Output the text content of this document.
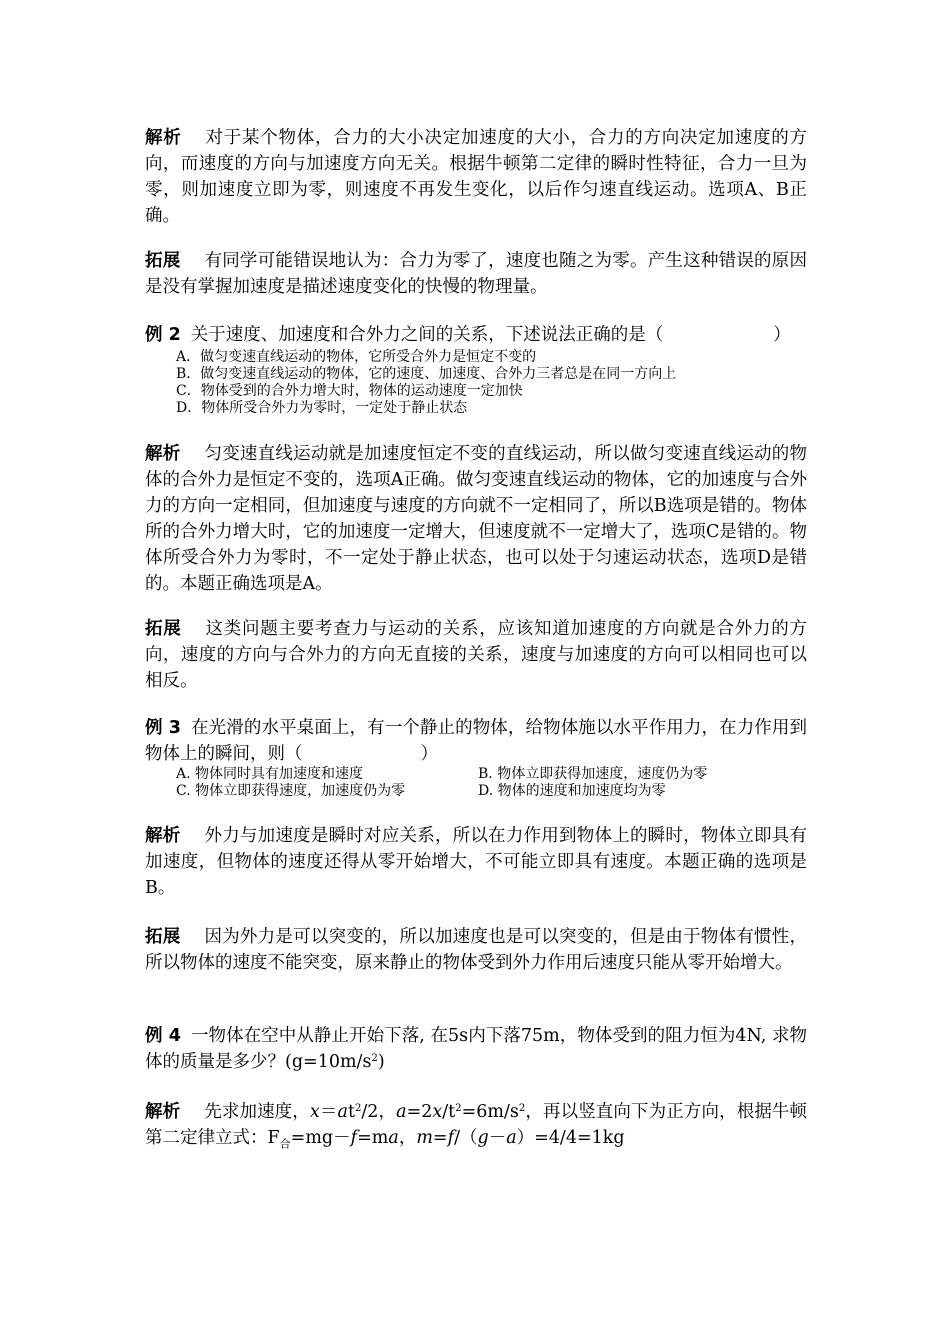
解析 对于某个物体，合力的大小决定加速度的大小，合力的方向决定加速度的方向，而速度的方向与加速度方向无关。根据牛顿第二定律的瞬时性特征，合力一旦为零，则加速度立即为零，则速度不再发生变化，以后作匀速直线运动。选项A、B正确。

拓展 有同学可能错误地认为：合力为零了，速度也随之为零。产生这种错误的原因是没有掌握加速度是描述速度变化的快慢的物理量。

例 2 关于速度、加速度和合外力之间的关系，下述说法正确的是（	）

A．做匀变速直线运动的物体，它所受合外力是恒定不变的
B．做匀变速直线运动的物体，它的速度、加速度、合外力三者总是在同一方向上
C．物体受到的合外力增大时，物体的运动速度一定加快
D．物体所受合外力为零时，一定处于静止状态

解析 匀变速直线运动就是加速度恒定不变的直线运动，所以做匀变速直线运动的物体的合外力是恒定不变的，选项A正确。做匀变速直线运动的物体，它的加速度与合外力的方向一定相同，但加速度与速度的方向就不一定相同了，所以B选项是错的。物体所的合外力增大时，它的加速度一定增大，但速度就不一定增大了，选项C是错的。物体所受合外力为零时，不一定处于静止状态，也可以处于匀速运动状态，选项D是错的。本题正确选项是A。

拓展 这类问题主要考查力与运动的关系，应该知道加速度的方向就是合外力的方向，速度的方向与合外力的方向无直接的关系，速度与加速度的方向可以相同也可以相反。

例 3 在光滑的水平桌面上，有一个静止的物体，给物体施以水平作用力，在力作用到物体上的瞬间，则（	）

A. 物体同时具有加速度和速度	B. 物体立即获得加速度，速度仍为零
C. 物体立即获得速度，加速度仍为零	D. 物体的速度和加速度均为零

解析 外力与加速度是瞬时对应关系，所以在力作用到物体上的瞬时，物体立即具有加速度，但物体的速度还得从零开始增大，不可能立即具有速度。本题正确的选项是B。

拓展 因为外力是可以突变的，所以加速度也是可以突变的，但是由于物体有惯性，所以物体的速度不能突变，原来静止的物体受到外力作用后速度只能从零开始增大。

例 4 一物体在空中从静止开始下落, 在5s内下落75m，物体受到的阻力恒为4N, 求物体的质量是多少？$(g=10m/s^2)$

解析 先求加速度，$x=at^2/2$，$a=2x/t^2=6m/s^2$，再以竖直向下为正方向，根据牛顿第二定律立式：$F_合=mg-f=ma$，m=f/（g－a）=4/4=1kg
